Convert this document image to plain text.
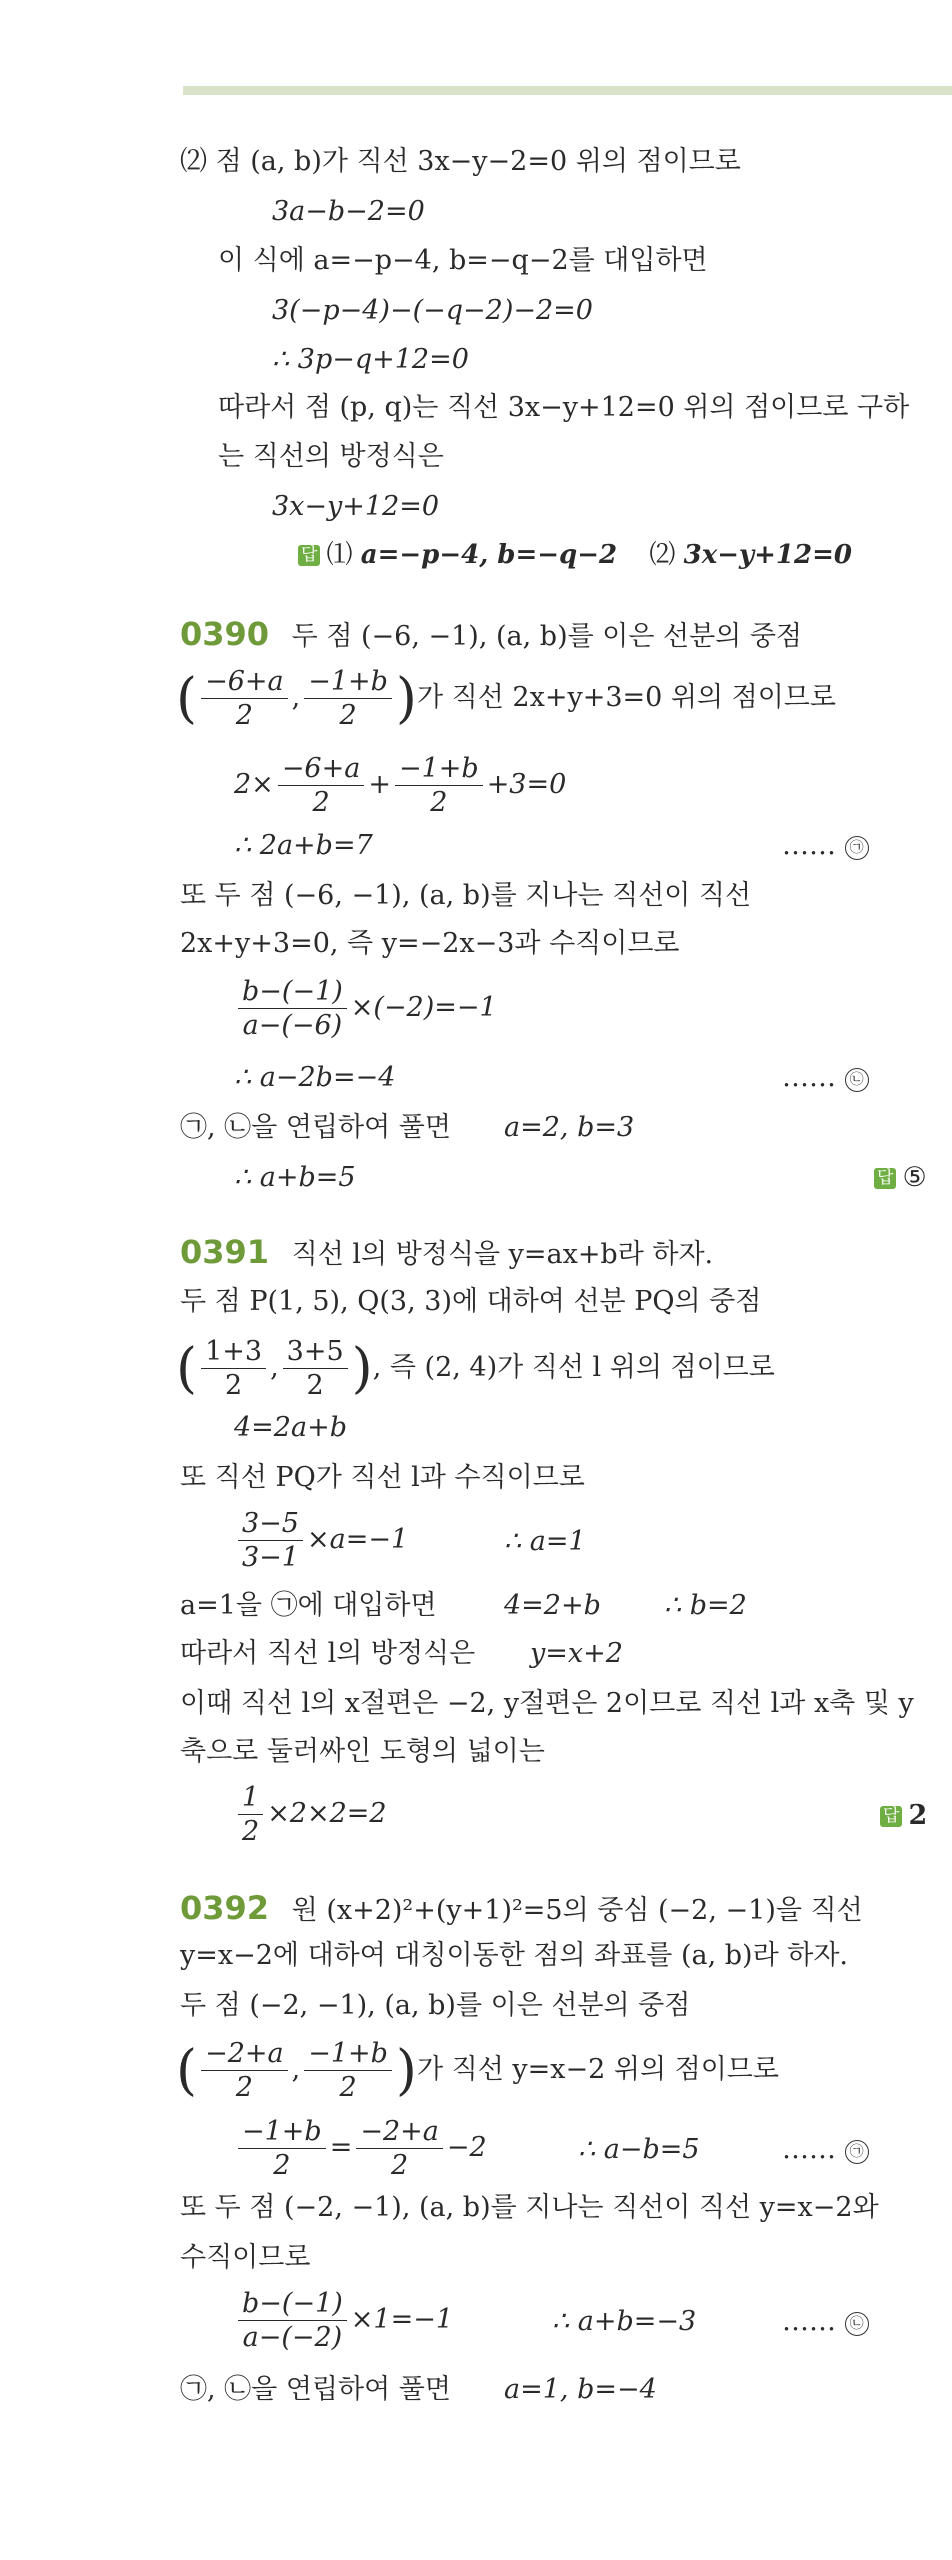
⑵ 점 (a, b)가 직선 3x−y−2=0 위의 점이므로
3a−b−2=0
이 식에 a=−p−4, b=−q−2를 대입하면
3(−p−4)−(−q−2)−2=0
∴ 3p−q+12=0
따라서 점 (p, q)는 직선 3x−y+12=0 위의 점이므로 구하
는 직선의 방정식은
3x−y+12=0
답 ⑴ a=−p−4, b=−q−2 ⑵ 3x−y+12=0
0390 두 점 (−6, −1), (a, b)를 이은 선분의 중점
( $\frac{-6+a}{2}$ , $\frac{-1+b}{2}$ )가 직선 2x+y+3=0 위의 점이므로
$2\times \frac{-6+a}{2} + \frac{-1+b}{2} +3=0$
∴ 2a+b=7	…… ㉠
또 두 점 (−6, −1), (a, b)를 지나는 직선이 직선
2x+y+3=0, 즉 y=−2x−3과 수직이므로
$\frac{b-(-1)}{a-(-6)} \times(-2)=-1$
∴ a−2b=−4	…… ㉡
㉠, ㉡을 연립하여 풀면 a=2, b=3
∴ a+b=5	답 ⑤
0391 직선 l의 방정식을 y=ax+b라 하자.
두 점 P(1, 5), Q(3, 3)에 대하여 선분 PQ의 중점
( $\frac{1+3}{2}$ , $\frac{3+5}{2}$ ), 즉 (2, 4)가 직선 l 위의 점이므로
4=2a+b
또 직선 PQ가 직선 l과 수직이므로
$\frac{3-5}{3-1} \times a=-1$	∴ a=1
a=1을 ㉠에 대입하면 4=2+b ∴ b=2
따라서 직선 l의 방정식은 y=x+2
이때 직선 l의 x절편은 −2, y절편은 2이므로 직선 l과 x축 및 y
축으로 둘러싸인 도형의 넓이는
$\frac{1}{2} \times 2\times 2=2$	답 2
0392 원 (x+2)²+(y+1)²=5의 중심 (−2, −1)을 직선
y=x−2에 대하여 대칭이동한 점의 좌표를 (a, b)라 하자.
두 점 (−2, −1), (a, b)를 이은 선분의 중점
( $\frac{-2+a}{2}$ , $\frac{-1+b}{2}$ )가 직선 y=x−2 위의 점이므로
$\frac{-1+b}{2} = \frac{-2+a}{2} -2$	∴ a−b=5	…… ㉠
또 두 점 (−2, −1), (a, b)를 지나는 직선이 직선 y=x−2와
수직이므로
$\frac{b-(-1)}{a-(-2)} \times 1=-1$	∴ a+b=−3	…… ㉡
㉠, ㉡을 연립하여 풀면 a=1, b=−4
